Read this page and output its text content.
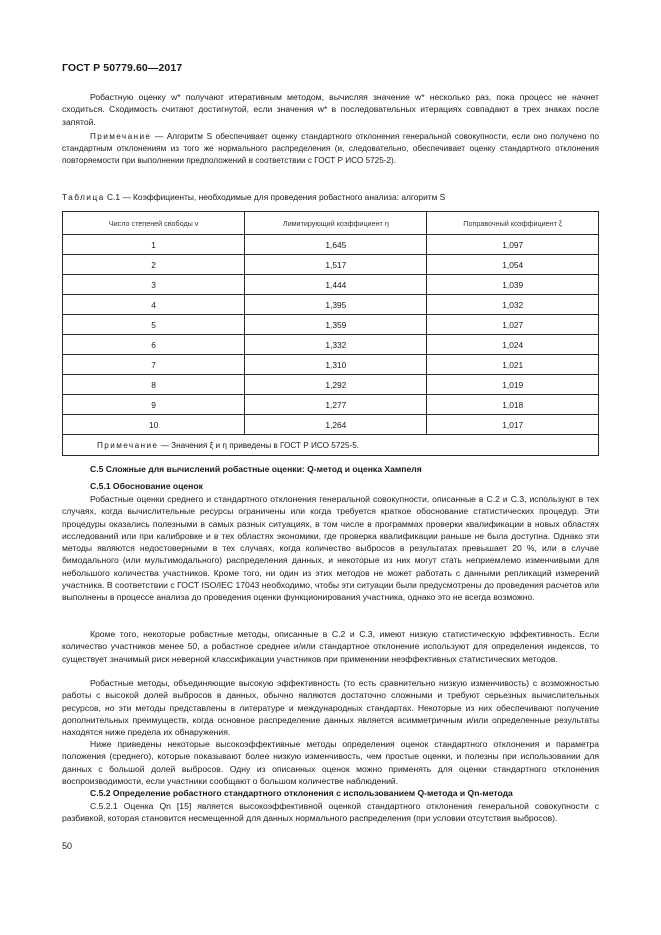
ГОСТ Р 50779.60—2017
Робастную оценку w* получают итеративным методом, вычисляя значение w* несколько раз, пока процесс не начнет сходиться. Сходимость считают достигнутой, если значения w* в последовательных итерациях совпадают в трех знаках после запятой.
Примечание — Алгоритм S обеспечивает оценку стандартного отклонения генеральной совокупности, если оно получено по стандартным отклонениям из того же нормального распределения (и, следовательно, обеспечивает оценку стандартного отклонения повторяемости при выполнении предположений в соответствии с ГОСТ Р ИСО 5725-2).
Таблица С.1 — Коэффициенты, необходимые для проведения робастного анализа: алгоритм S
Число степеней свободы ν	Лимитирующий коэффициент η	Поправочный коэффициент ξ
1	1,645	1,097
2	1,517	1,054
3	1,444	1,039
4	1,395	1,032
5	1,359	1,027
6	1,332	1,024
7	1,310	1,021
8	1,292	1,019
9	1,277	1,018
10	1,264	1,017
Примечание — Значения ξ и η приведены в ГОСТ Р ИСО 5725-5.		
С.5 Сложные для вычислений робастные оценки: Q-метод и оценка Хампеля
С.5.1 Обоснование оценок
Робастные оценки среднего и стандартного отклонения генеральной совокупности, описанные в С.2 и С.3, используют в тех случаях, когда вычислительные ресурсы ограничены или когда требуется краткое обоснование статистических процедур. Эти процедуры оказались полезными в самых разных ситуациях, в том числе в программах проверки квалификации в новых областях исследований или при калибровке и в тех областях экономики, где проверка квалификации раньше не была доступна. Однако эти методы являются недостоверными в тех случаях, когда количество выбросов в результатах превышает 20 %, или в случае бимодального (или мультимодального) распределения данных, и некоторые из них могут стать неприемлемо изменчивыми для небольшого количества участников. Кроме того, ни один из этих методов не может работать с данными репликаций измерений участника. В соответствии с ГОСТ ISO/IEC 17043 необходимо, чтобы эти ситуации были предусмотрены до проведения расчетов или выполнены в процессе анализа до проведения оценки функционирования участника, однако это не всегда возможно.
Кроме того, некоторые робастные методы, описанные в С.2 и С.3, имеют низкую статистическую эффективность. Если количество участников менее 50, а робастное среднее и/или стандартное отклонение используют для определения индексов, то существует значимый риск неверной классификации участников при применении неэффективных статистических методов.
Робастные методы, объединяющие высокую эффективность (то есть сравнительно низкую изменчивость) с возможностью работы с высокой долей выбросов в данных, обычно являются достаточно сложными и требуют серьезных вычислительных ресурсов, но эти методы представлены в литературе и международных стандартах. Некоторые из них обеспечивают получение дополнительных преимуществ, когда основное распределение данных является асимметричным и/или определенные результаты находятся ниже предела их обнаружения.
Ниже приведены некоторые высокоэффективные методы определения оценок стандартного отклонения и параметра положения (среднего), которые показывают более низкую изменчивость, чем простые оценки, и полезны при использовании для данных с большой долей выбросов. Одну из описанных оценок можно применять для оценки стандартного отклонения воспроизводимости, если участники сообщают о большом количестве наблюдений.
С.5.2 Определение робастного стандартного отклонения с использованием Q-метода и Qn-метода
С.5.2.1 Оценка Qn [15] является высокоэффективной оценкой стандартного отклонения генеральной совокупности с разбивкой, которая становится несмещенной для данных нормального распределения (при условии отсутствия выбросов).
50
